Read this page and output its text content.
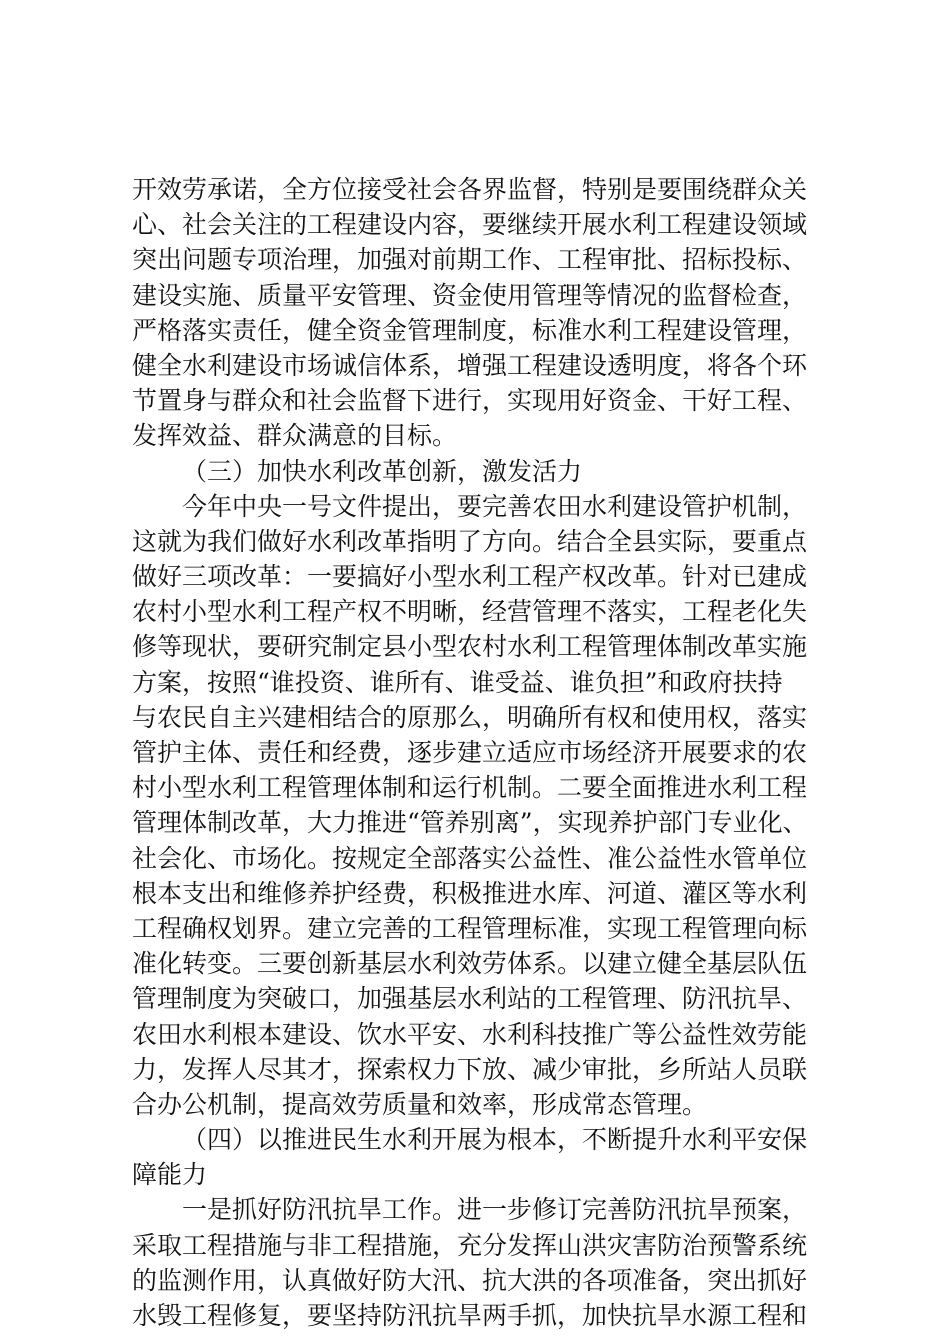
开效劳承诺，全方位接受社会各界监督，特别是要围绕群众关
心、社会关注的工程建设内容，要继续开展水利工程建设领域
突出问题专项治理，加强对前期工作、工程审批、招标投标、
建设实施、质量平安管理、资金使用管理等情况的监督检查，
严格落实责任，健全资金管理制度，标准水利工程建设管理，
健全水利建设市场诚信体系，增强工程建设透明度，将各个环
节置身与群众和社会监督下进行，实现用好资金、干好工程、
发挥效益、群众满意的目标。
（三）加快水利改革创新，激发活力
今年中央一号文件提出，要完善农田水利建设管护机制，
这就为我们做好水利改革指明了方向。结合全县实际，要重点
做好三项改革：一要搞好小型水利工程产权改革。针对已建成
农村小型水利工程产权不明晰，经营管理不落实，工程老化失
修等现状，要研究制定县小型农村水利工程管理体制改革实施
方案，按照“谁投资、谁所有、谁受益、谁负担”和政府扶持
与农民自主兴建相结合的原那么，明确所有权和使用权，落实
管护主体、责任和经费，逐步建立适应市场经济开展要求的农
村小型水利工程管理体制和运行机制。二要全面推进水利工程
管理体制改革，大力推进“管养别离”，实现养护部门专业化、
社会化、市场化。按规定全部落实公益性、准公益性水管单位
根本支出和维修养护经费，积极推进水库、河道、灌区等水利
工程确权划界。建立完善的工程管理标准，实现工程管理向标
准化转变。三要创新基层水利效劳体系。以建立健全基层队伍
管理制度为突破口，加强基层水利站的工程管理、防汛抗旱、
农田水利根本建设、饮水平安、水利科技推广等公益性效劳能
力，发挥人尽其才，探索权力下放、减少审批，乡所站人员联
合办公机制，提高效劳质量和效率，形成常态管理。
（四）以推进民生水利开展为根本，不断提升水利平安保
障能力
一是抓好防汛抗旱工作。进一步修订完善防汛抗旱预案，
采取工程措施与非工程措施，充分发挥山洪灾害防治预警系统
的监测作用，认真做好防大汛、抗大洪的各项准备，突出抓好
水毁工程修复，要坚持防汛抗旱两手抓，加快抗旱水源工程和
